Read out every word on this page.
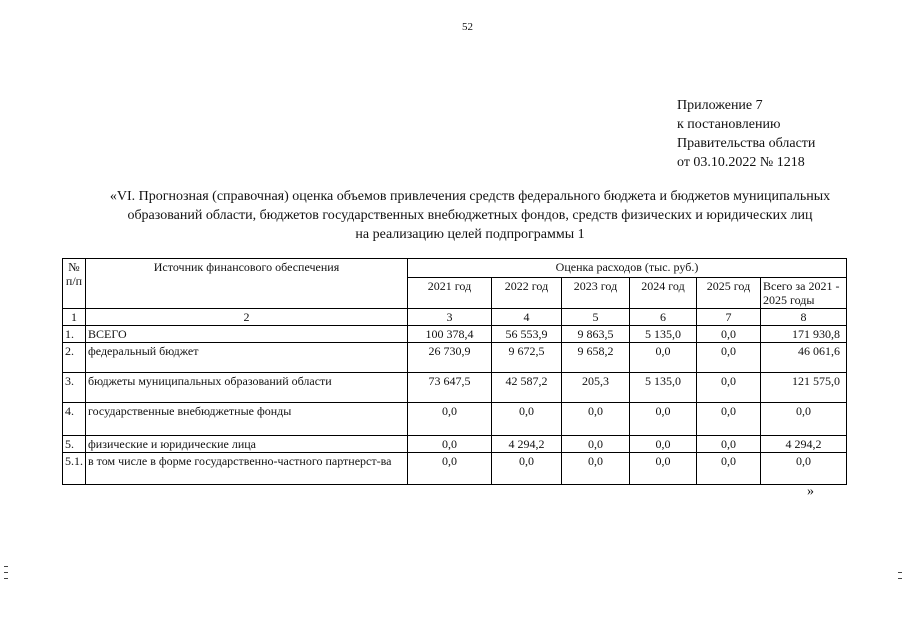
52
Приложение 7
к постановлению
Правительства области
от 03.10.2022 № 1218
«VI. Прогнозная (справочная) оценка объемов привлечения средств федерального бюджета и бюджетов муниципальных
образований области, бюджетов государственных внебюджетных фондов, средств физических и юридических лиц
на реализацию целей подпрограммы 1
№ п/п	Источник финансового обеспечения	Оценка расходов (тыс. руб.)					
		2021 год	2022 год	2023 год	2024 год	2025 год	Всего за 2021 - 2025 годы
1	2	3	4	5	6	7	8
1.	ВСЕГО	100 378,4	56 553,9	9 863,5	5 135,0	0,0	171 930,8
2.	федеральный бюджет	26 730,9	9 672,5	9 658,2	0,0	0,0	46 061,6
3.	бюджеты муниципальных образований области	73 647,5	42 587,2	205,3	5 135,0	0,0	121 575,0
4.	государственные внебюджетные фонды	0,0	0,0	0,0	0,0	0,0	0,0
5.	физические и юридические лица	0,0	4 294,2	0,0	0,0	0,0	4 294,2
5.1.	в том числе в форме государственно-частного партнерст-ва	0,0	0,0	0,0	0,0	0,0	0,0
»
